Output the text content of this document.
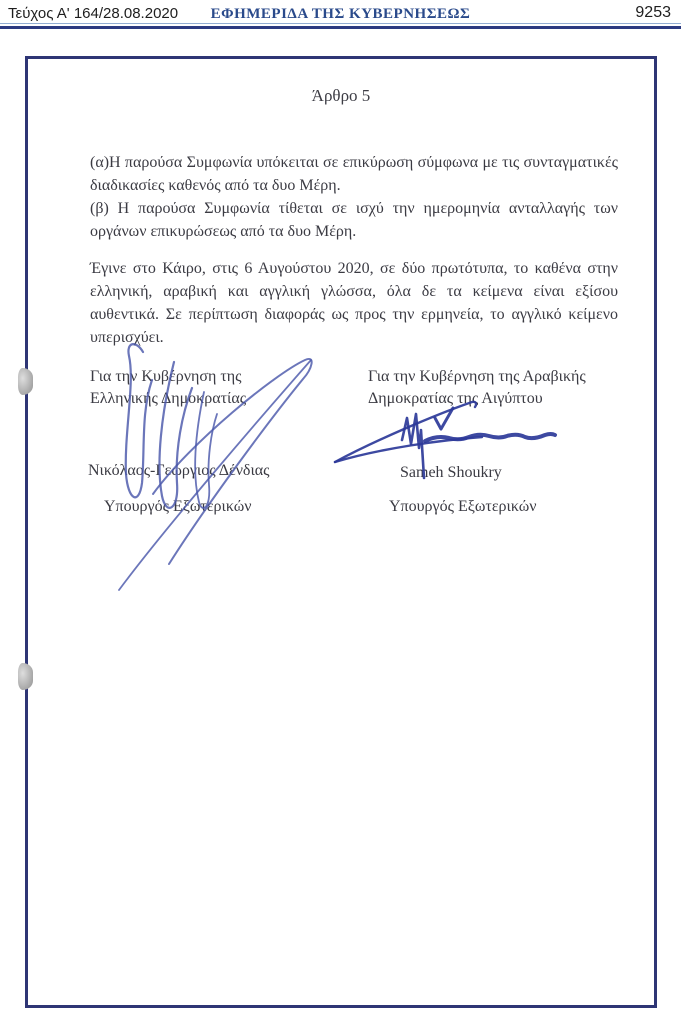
Τεύχος Α' 164/28.08.2020	ΕΦΗΜΕΡΙΔΑ ΤΗΣ ΚΥΒΕΡΝΗΣΕΩΣ	9253
Άρθρο 5
(α)Η παρούσα Συμφωνία υπόκειται σε επικύρωση σύμφωνα με τις συνταγματικές διαδικασίες καθενός από τα δυο Μέρη.
(β) Η παρούσα Συμφωνία τίθεται σε ισχύ την ημερομηνία ανταλλαγής των οργάνων επικυρώσεως από τα δυο Μέρη.
Έγινε στο Κάιρο, στις 6 Αυγούστου 2020, σε δύο πρωτότυπα, το καθένα στην ελληνική, αραβική και αγγλική γλώσσα, όλα δε τα κείμενα είναι εξίσου αυθεντικά. Σε περίπτωση διαφοράς ως προς την ερμηνεία, το αγγλικό κείμενο υπερισχύει.
Για την Κυβέρνηση της
Ελληνικής Δημοκρατίας
Νικόλαος-Γεώργιος Δένδιας
Υπουργός Εξωτερικών
Για την Κυβέρνηση της Αραβικής
Δημοκρατίας της Αιγύπτου
Sameh Shoukry
Υπουργός Εξωτερικών
